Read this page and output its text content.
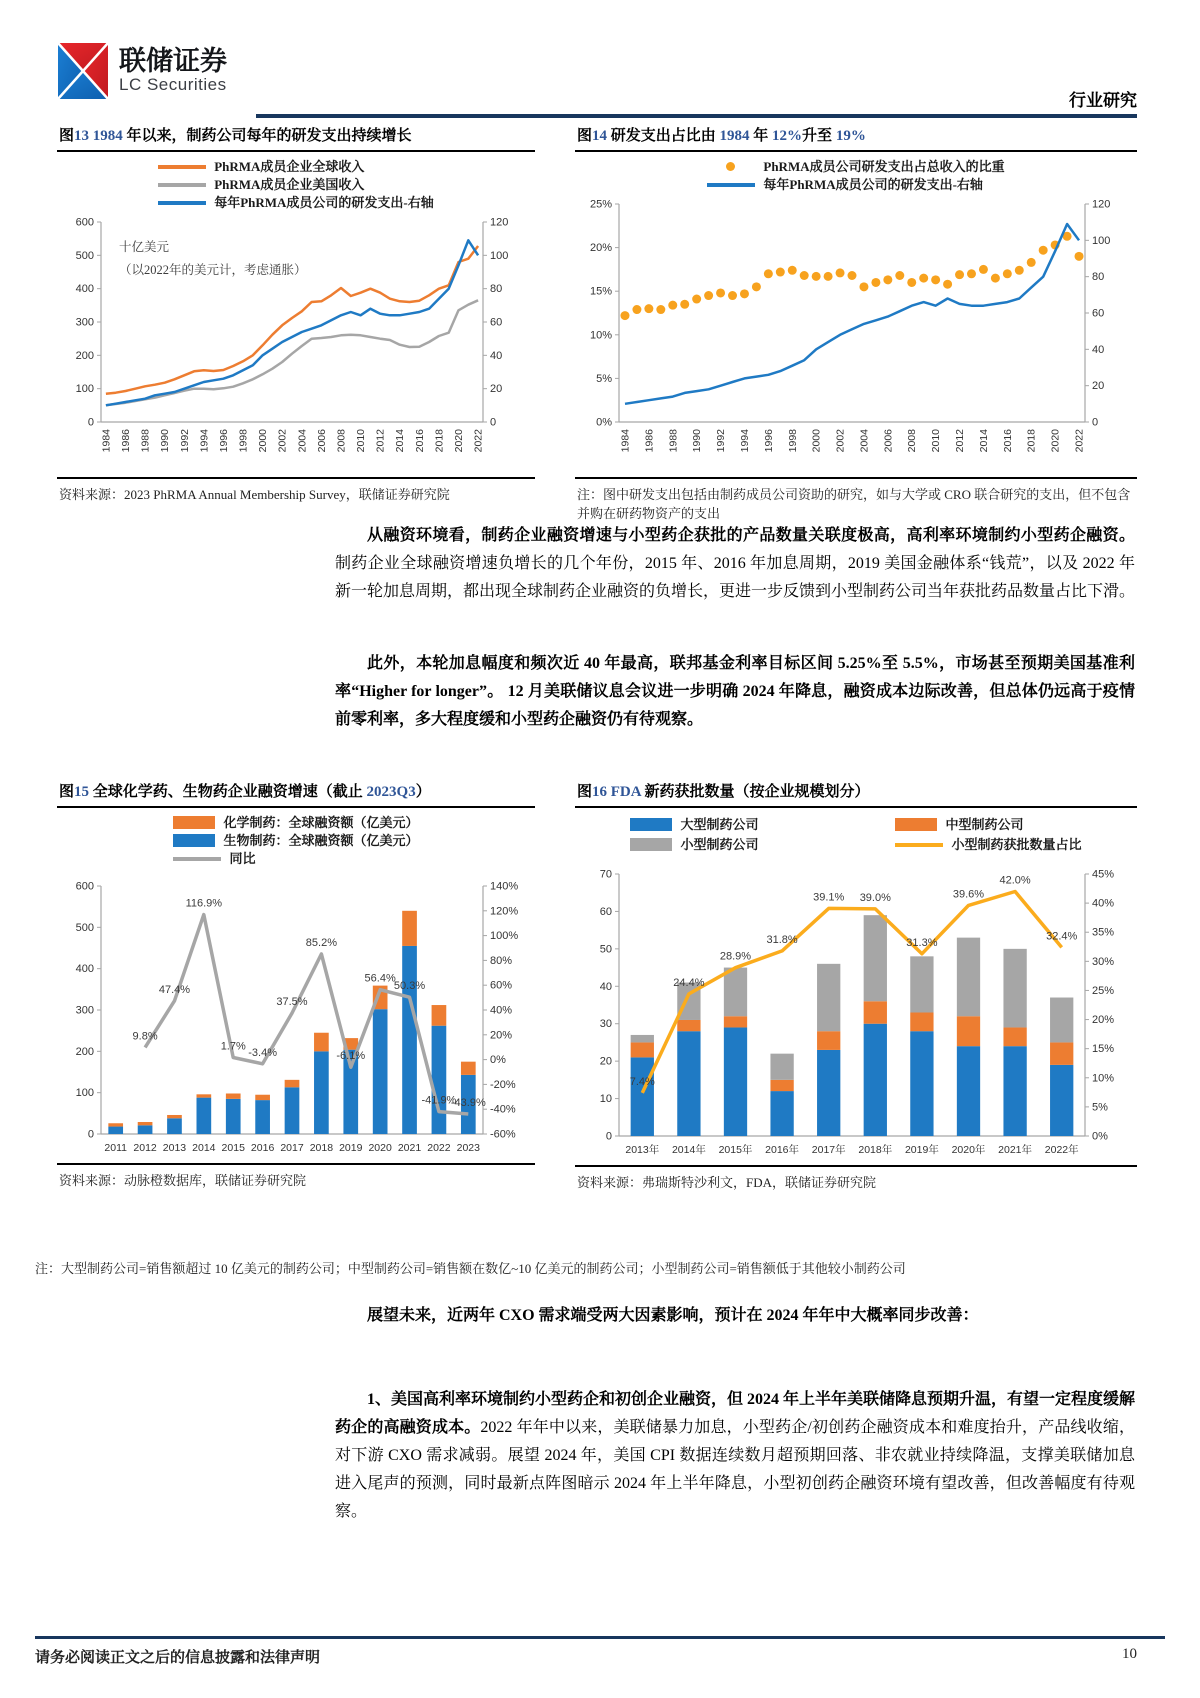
联储证券
LC Securities
行业研究
图13 1984 年以来，制药公司每年的研发支出持续增长
PhRMA成员企业全球收入
PhRMA成员企业美国收入
每年PhRMA成员公司的研发支出-右轴
十亿美元
（以2022年的美元计，考虑通胀）
0
100
200
300
400
500
600
0
20
40
60
80
100
120
1984 1986 1988 1990 1992 1994 1996 1998 2000 2002 2004 2006 2008 2010 2012 2014 2016 2018 2020 2022
资料来源：2023 PhRMA Annual Membership Survey，联储证券研究院
图14 研发支出占比由 1984 年 12%升至 19%
PhRMA成员公司研发支出占总收入的比重
每年PhRMA成员公司的研发支出-右轴
0%
5%
10%
15%
20%
25%
0
20
40
60
80
100
120
1984 1986 1988 1990 1992 1994 1996 1998 2000 2002 2004 2006 2008 2010 2012 2014 2016 2018 2020 2022
注：图中研发支出包括由制药成员公司资助的研究，如与大学或 CRO 联合研究的支出，但不包含并购在研药物资产的支出
从融资环境看，制药企业融资增速与小型药企获批的产品数量关联度极高，高利率环境制约小型药企融资。制药企业全球融资增速负增长的几个年份，2015 年、2016 年加息周期，2019 美国金融体系“钱荒”，以及 2022 年新一轮加息周期，都出现全球制药企业融资的负增长，更进一步反馈到小型制药公司当年获批药品数量占比下滑。
此外，本轮加息幅度和频次近 40 年最高，联邦基金利率目标区间 5.25%至 5.5%，市场甚至预期美国基准利率“Higher for longer”。 12 月美联储议息会议进一步明确 2024 年降息，融资成本边际改善，但总体仍远高于疫情前零利率，多大程度缓和小型药企融资仍有待观察。
图15 全球化学药、生物药企业融资增速（截止 2023Q3）
化学制药：全球融资额（亿美元）
生物制药：全球融资额（亿美元）
同比
0
100
200
300
400
500
600
-60%
-40%
-20%
0%
20%
40%
60%
80%
100%
120%
140%
2011 2012 2013 2014 2015 2016 2017 2018 2019 2020 2021 2022 2023
9.8%
47.4%
116.9%
1.7%
-3.4%
37.5%
85.2%
-6.1%
56.4%
50.3%
-41.9%
-43.9%
资料来源：动脉橙数据库，联储证券研究院
图16 FDA 新药获批数量（按企业规模划分）
大型制药公司	中型制药公司
小型制药公司	小型制药获批数量占比
0
10
20
30
40
50
60
70
0%
5%
10%
15%
20%
25%
30%
35%
40%
45%
2013年 2014年 2015年 2016年 2017年 2018年 2019年 2020年 2021年 2022年
7.4%
24.4%
28.9%
31.8%
39.1% 39.0%
31.3%
39.6%
42.0%
32.4%
资料来源：弗瑞斯特沙利文，FDA，联储证券研究院
注：大型制药公司=销售额超过 10 亿美元的制药公司；中型制药公司=销售额在数亿~10 亿美元的制药公司；小型制药公司=销售额低于其他较小制药公司
展望未来，近两年 CXO 需求端受两大因素影响，预计在 2024 年年中大概率同步改善：
1、美国高利率环境制约小型药企和初创企业融资，但 2024 年上半年美联储降息预期升温，有望一定程度缓解药企的高融资成本。2022 年年中以来，美联储暴力加息，小型药企/初创药企融资成本和难度抬升，产品线收缩，对下游 CXO 需求减弱。展望 2024 年，美国 CPI 数据连续数月超预期回落、非农就业持续降温，支撑美联储加息进入尾声的预测，同时最新点阵图暗示 2024 年上半年降息，小型初创药企融资环境有望改善，但改善幅度有待观察。
请务必阅读正文之后的信息披露和法律声明	10
